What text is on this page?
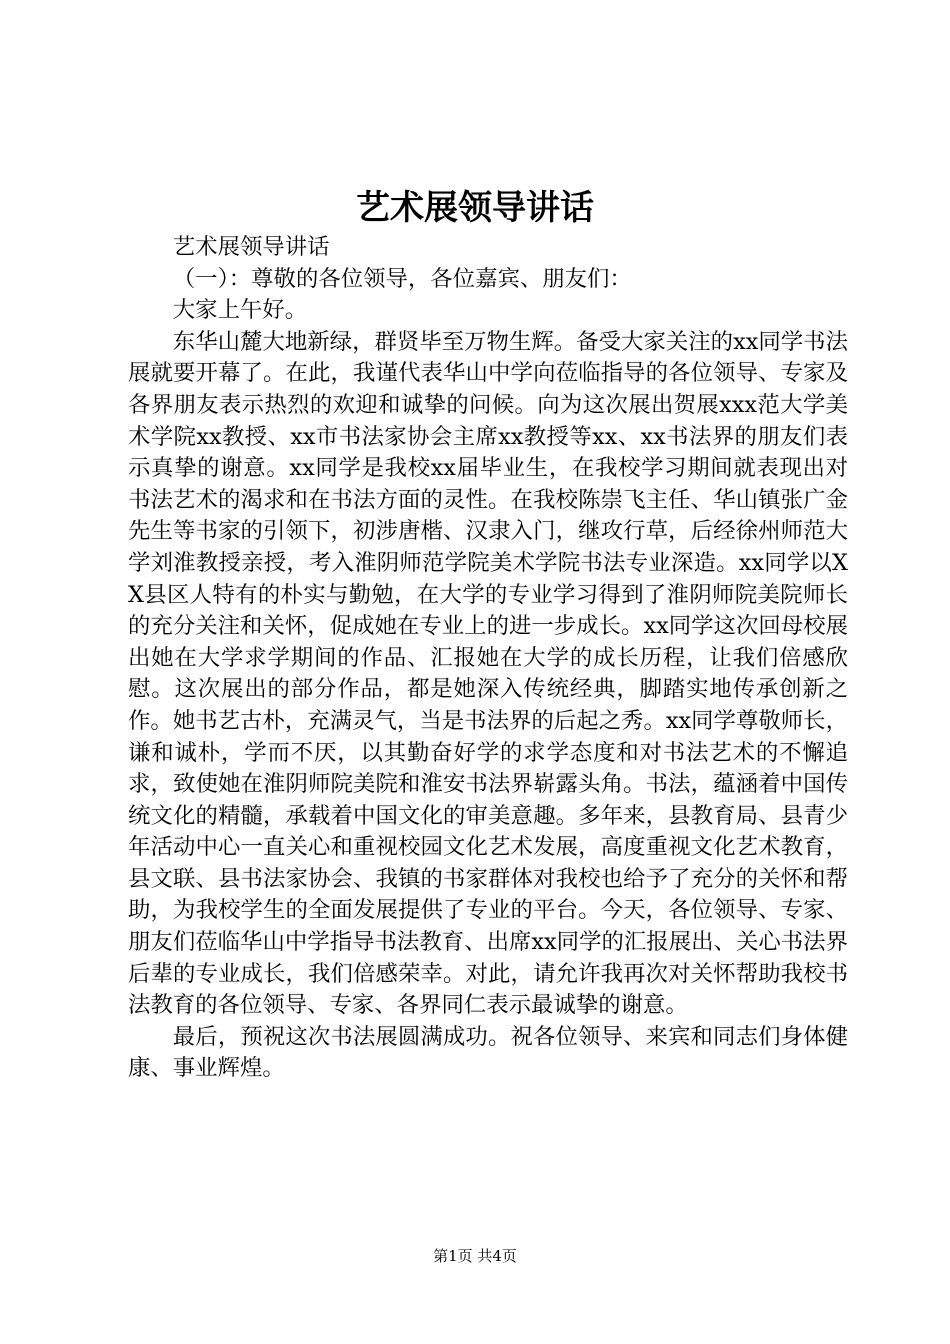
艺术展领导讲话

艺术展领导讲话

（一）：尊敬的各位领导，各位嘉宾、朋友们：

大家上午好。

东华山麓大地新绿，群贤毕至万物生辉。备受大家关注的xx同学书法展就要开幕了。在此，我谨代表华山中学向莅临指导的各位领导、专家及各界朋友表示热烈的欢迎和诚挚的问候。向为这次展出贺展xxx范大学美术学院xx教授、xx市书法家协会主席xx教授等xx、xx书法界的朋友们表示真挚的谢意。xx同学是我校xx届毕业生，在我校学习期间就表现出对书法艺术的渴求和在书法方面的灵性。在我校陈崇飞主任、华山镇张广金先生等书家的引领下，初涉唐楷、汉隶入门，继攻行草，后经徐州师范大学刘淮教授亲授，考入淮阴师范学院美术学院书法专业深造。xx同学以XX县区人特有的朴实与勤勉，在大学的专业学习得到了淮阴师院美院师长的充分关注和关怀，促成她在专业上的进一步成长。xx同学这次回母校展出她在大学求学期间的作品、汇报她在大学的成长历程，让我们倍感欣慰。这次展出的部分作品，都是她深入传统经典，脚踏实地传承创新之作。她书艺古朴，充满灵气，当是书法界的后起之秀。xx同学尊敬师长，谦和诚朴，学而不厌，以其勤奋好学的求学态度和对书法艺术的不懈追求，致使她在淮阴师院美院和淮安书法界崭露头角。书法，蕴涵着中国传统文化的精髓，承载着中国文化的审美意趣。多年来，县教育局、县青少年活动中心一直关心和重视校园文化艺术发展，高度重视文化艺术教育，县文联、县书法家协会、我镇的书家群体对我校也给予了充分的关怀和帮助，为我校学生的全面发展提供了专业的平台。今天，各位领导、专家、朋友们莅临华山中学指导书法教育、出席xx同学的汇报展出、关心书法界后辈的专业成长，我们倍感荣幸。对此，请允许我再次对关怀帮助我校书法教育的各位领导、专家、各界同仁表示最诚挚的谢意。

最后，预祝这次书法展圆满成功。祝各位领导、来宾和同志们身体健康、事业辉煌。

第1页 共4页
